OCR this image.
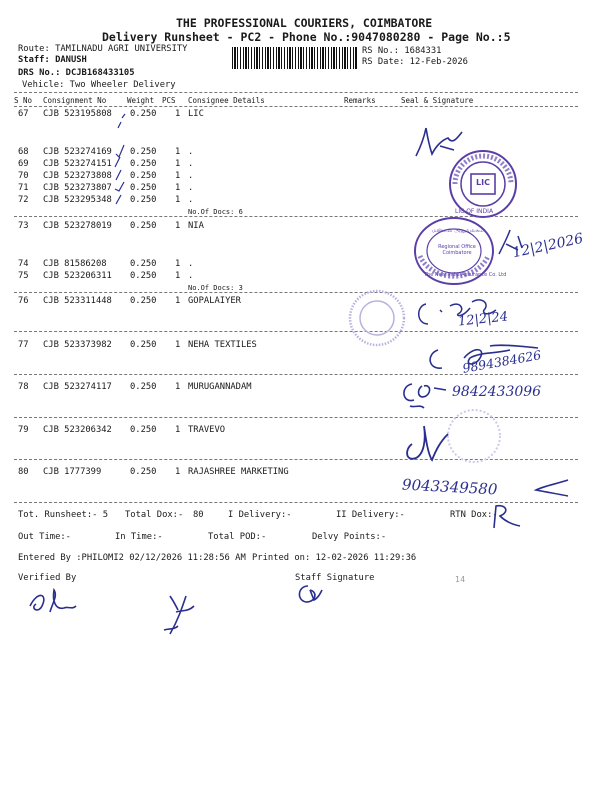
THE PROFESSIONAL COURIERS, COIMBATORE
Delivery Runsheet - PC2 - Phone No.:9047080280 - Page No.:5
Route: TAMILNADU AGRI UNIVERSITY
Staff: DANUSH
DRS No.: DCJB168433105
Vehicle: Two Wheeler Delivery
RS No.: 1684331
RS Date: 12-Feb-2026
S No Consignment No	Weight PCS Consignee Details	Remarks	Seal & Signature
67 CJB 523195808 0.250 1 LIC
68 CJB 523274169 0.250 1 .
69 CJB 523274151 0.250 1 .
70 CJB 523273808 0.250 1 .
71 CJB 523273807 0.250 1 .
72 CJB 523295348 0.250 1 .
No.Of Docs: 6
73 CJB 523278019 0.250 1 NIA
74 CJB 81586208	0.250 1 .
75 CJB 523206311 0.250 1 .
No.Of Docs: 3
76 CJB 523311448 0.250 1 GOPALAIYER
77 CJB 523373982 0.250 1 NEHA TEXTILES
78 CJB 523274117 0.250 1 MURUGANNADAM
79 CJB 523206342 0.250 1 TRAVEVO
80 CJB 1777399	0.250 1 RAJASHREE MARKETING
Tot. Runsheet:- 5 Total Dox:- 80	I Delivery:-	II Delivery:-	RTN Dox:-
Out Time:-	In Time:-	Total POD:-	Delvy Points:-
Entered By :PHILOMI2 02/12/2026 11:28:56 AM Printed on: 12-02-2026 11:29:36
Verified By	Staff Signature	14
LIC
LIC OF INDIA
மண்டல அலுவலகம்
Regional Office Coimbatore
The New India Assurance Co. Ltd
12|2|2026
12|2|24
9894384626
9842433096
9043349580
